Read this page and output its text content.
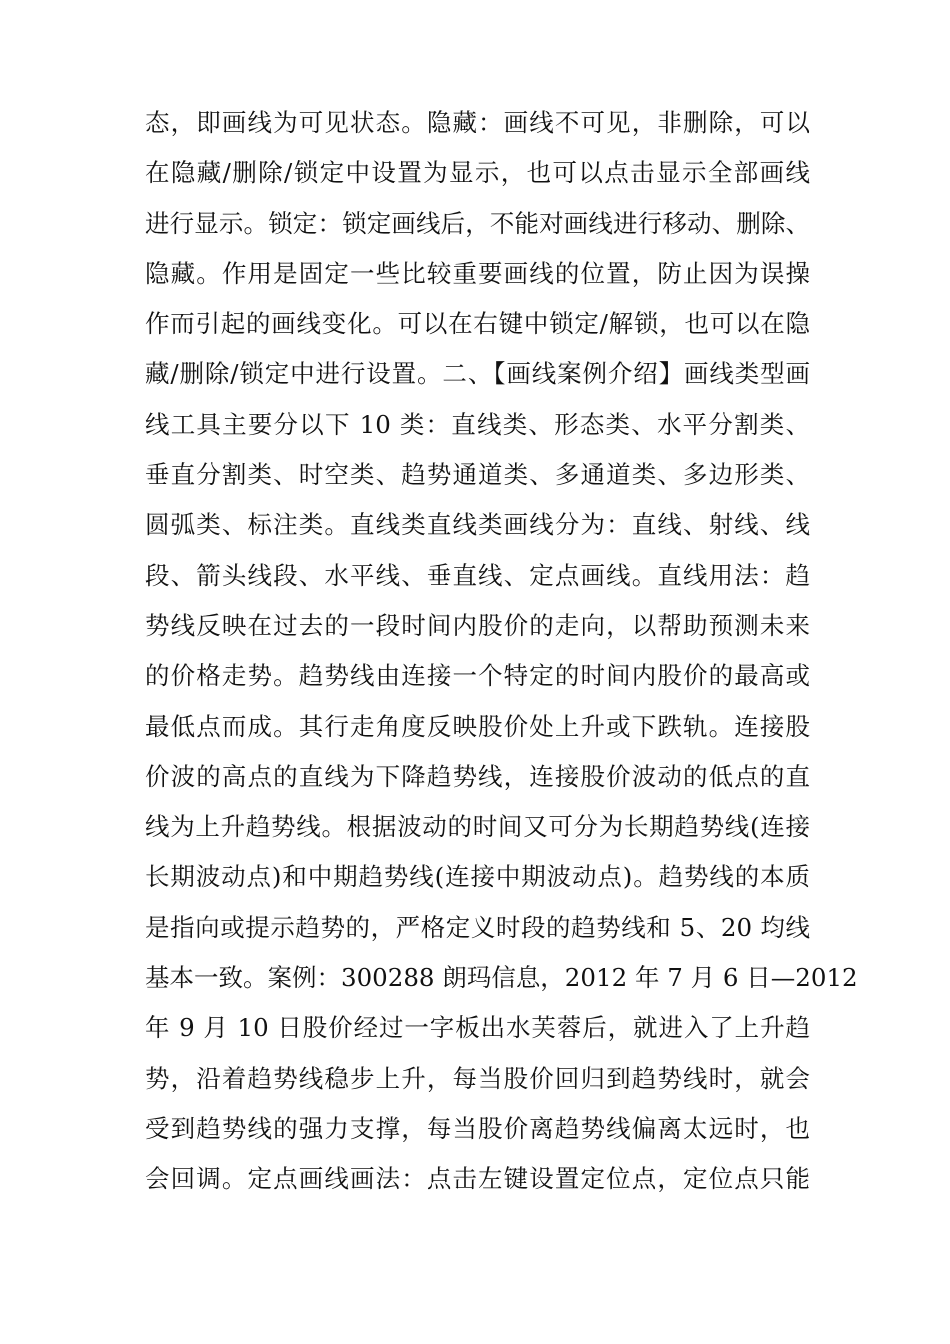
态，即画线为可见状态。隐藏：画线不可见，非删除，可以
在隐藏/删除/锁定中设置为显示，也可以点击显示全部画线
进行显示。锁定：锁定画线后，不能对画线进行移动、删除、
隐藏。作用是固定一些比较重要画线的位置，防止因为误操
作而引起的画线变化。可以在右键中锁定/解锁，也可以在隐
藏/删除/锁定中进行设置。二、【画线案例介绍】画线类型画
线工具主要分以下 10 类：直线类、形态类、水平分割类、
垂直分割类、时空类、趋势通道类、多通道类、多边形类、
圆弧类、标注类。直线类直线类画线分为：直线、射线、线
段、箭头线段、水平线、垂直线、定点画线。直线用法：趋
势线反映在过去的一段时间内股价的走向，以帮助预测未来
的价格走势。趋势线由连接一个特定的时间内股价的最高或
最低点而成。其行走角度反映股价处上升或下跌轨。连接股
价波的高点的直线为下降趋势线，连接股价波动的低点的直
线为上升趋势线。根据波动的时间又可分为长期趋势线(连接
长期波动点)和中期趋势线(连接中期波动点)。趋势线的本质
是指向或提示趋势的，严格定义时段的趋势线和 5、20 均线
基本一致。案例：300288 朗玛信息，2012 年 7 月 6 日—2012
年 9 月 10 日股价经过一字板出水芙蓉后，就进入了上升趋
势，沿着趋势线稳步上升，每当股价回归到趋势线时，就会
受到趋势线的强力支撑，每当股价离趋势线偏离太远时，也
会回调。定点画线画法：点击左键设置定位点，定位点只能
